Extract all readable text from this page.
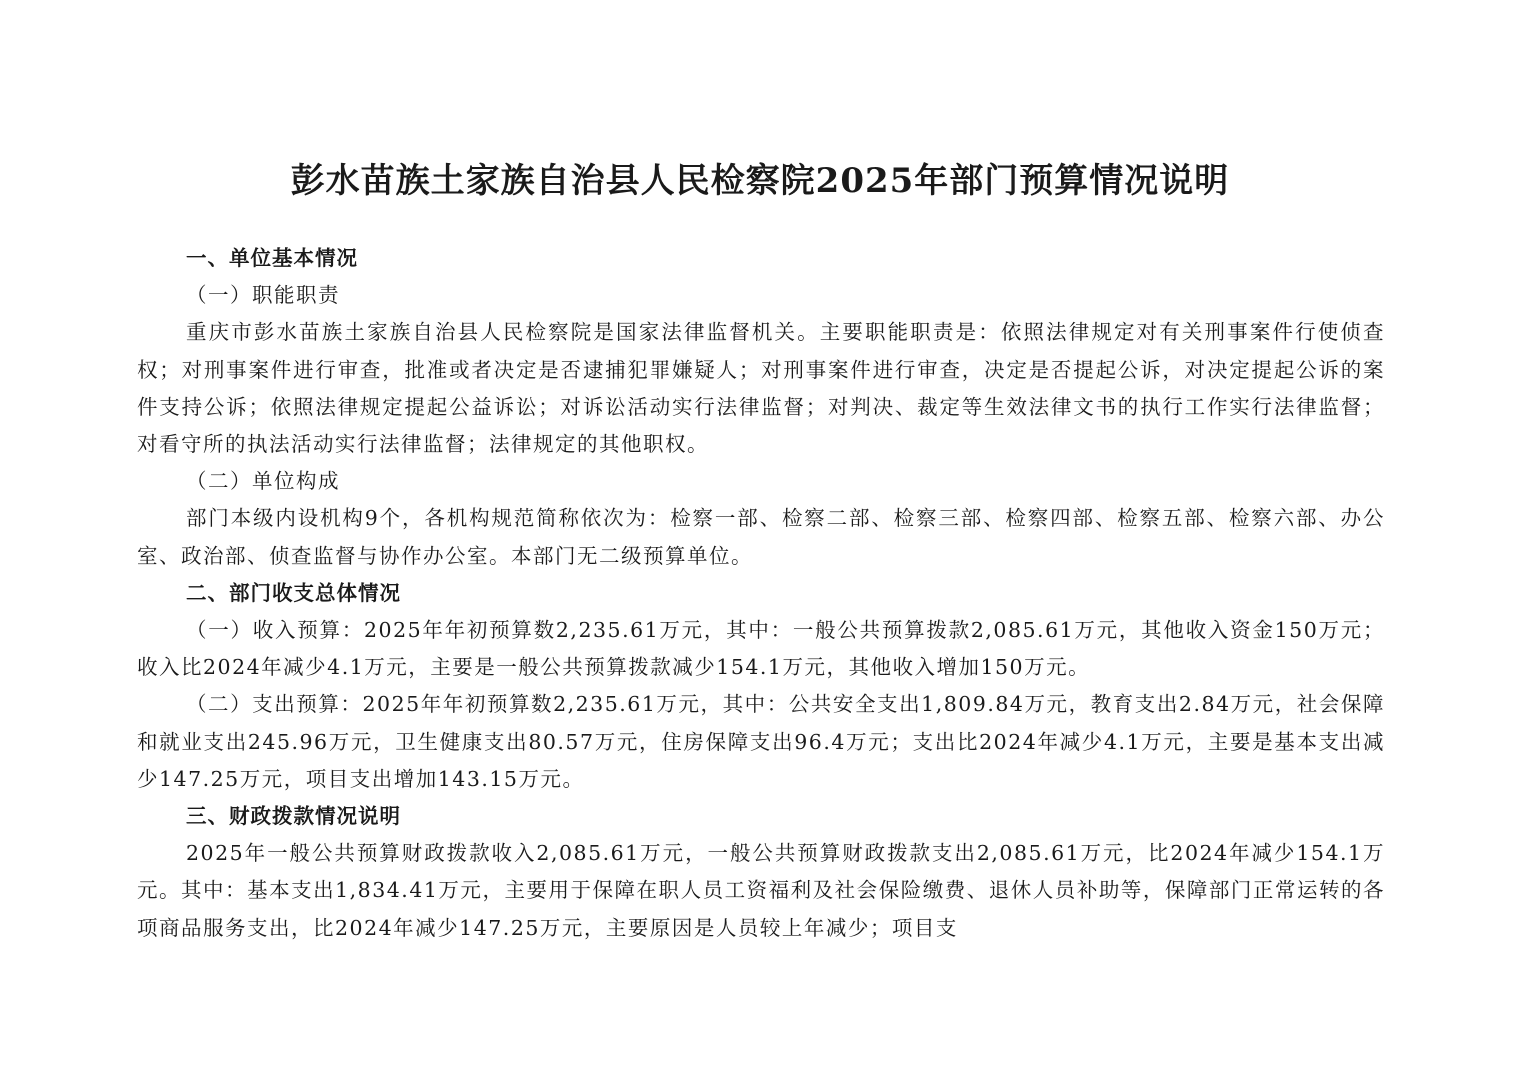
彭水苗族土家族自治县人民检察院2025年部门预算情况说明

一、单位基本情况

（一）职能职责

重庆市彭水苗族土家族自治县人民检察院是国家法律监督机关。主要职能职责是：依照法律规定对有关刑事案件行使侦查权；对刑事案件进行审查，批准或者决定是否逮捕犯罪嫌疑人；对刑事案件进行审查，决定是否提起公诉，对决定提起公诉的案件支持公诉；依照法律规定提起公益诉讼；对诉讼活动实行法律监督；对判决、裁定等生效法律文书的执行工作实行法律监督；对看守所的执法活动实行法律监督；法律规定的其他职权。

（二）单位构成

部门本级内设机构9个，各机构规范简称依次为：检察一部、检察二部、检察三部、检察四部、检察五部、检察六部、办公室、政治部、侦查监督与协作办公室。本部门无二级预算单位。

二、部门收支总体情况

（一）收入预算：2025年年初预算数2,235.61万元，其中：一般公共预算拨款2,085.61万元，其他收入资金150万元；收入比2024年减少4.1万元，主要是一般公共预算拨款减少154.1万元，其他收入增加150万元。

（二）支出预算：2025年年初预算数2,235.61万元，其中：公共安全支出1,809.84万元，教育支出2.84万元，社会保障和就业支出245.96万元，卫生健康支出80.57万元，住房保障支出96.4万元；支出比2024年减少4.1万元，主要是基本支出减少147.25万元，项目支出增加143.15万元。

三、财政拨款情况说明

2025年一般公共预算财政拨款收入2,085.61万元，一般公共预算财政拨款支出2,085.61万元，比2024年减少154.1万元。其中：基本支出1,834.41万元，主要用于保障在职人员工资福利及社会保险缴费、退休人员补助等，保障部门正常运转的各项商品服务支出，比2024年减少147.25万元，主要原因是人员较上年减少；项目支
